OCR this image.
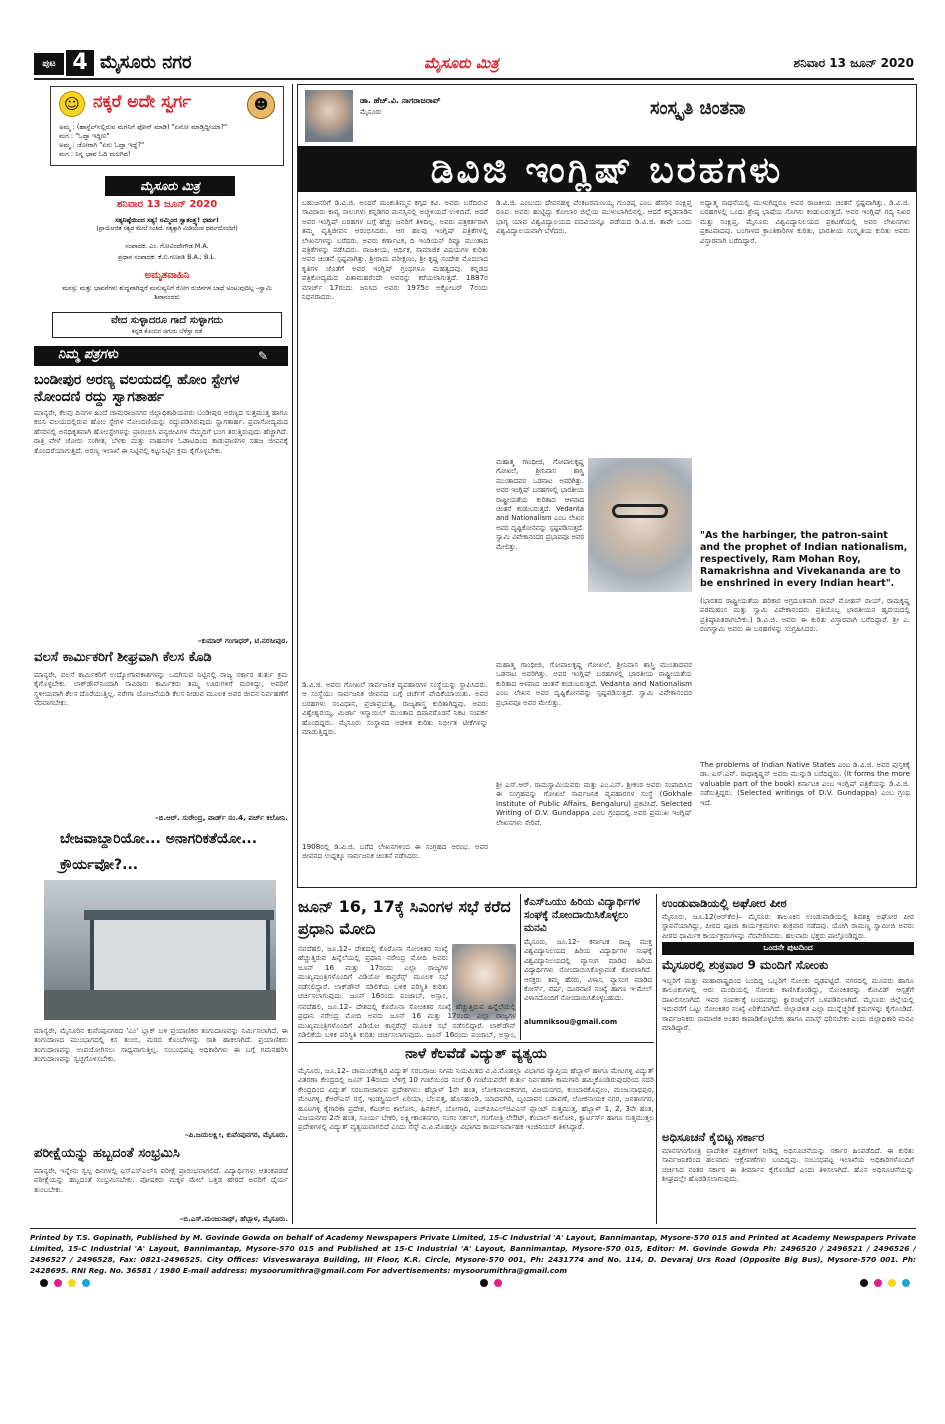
ಪುಟ 4 ಮೈಸೂರು ನಗರ	ಮೈಸೂರು ಮಿತ್ರ	ಶನಿವಾರ 13 ಜೂನ್ 2020
☺ ನಕ್ಕರೆ ಅದೇ ಸ್ವರ್ಗ	☻
ಅಮ್ಮ : (ಹಾಸ್ಟೆಲ್‌ನಲ್ಲಿರುವ ಮಗನಿಗೆ ಫೋನ್ ಮಾಡಿ) "ಏನೋ ಮಾಡ್ತಿದ್ದೀಯಾ?"
ಮಗ : "ಓದ್ತಾ ಇದ್ದೀನಿ"
ಅಮ್ಮ : ಜೋರಾಗಿ "ಏನು ಓದ್ತಾ ಇದ್ದೆ?"
ಮಗ : ನಿನ್ನ ಭಾವ ಓದಿ ಮಲಗಿದ!
ಮೈಸೂರು ಮಿತ್ರ
ಶನಿವಾರ 13 ಜೂನ್ 2020
ಸತ್ಯನಿಷ್ಠೆಯಿಂದ ಸತ್ಯ! ನಮ್ಮಿಂದ ಸ್ವಾತಂತ್ರ್ಯ! ಧರ್ಮ!
(ಪ್ರಾಯೋಜಿತ ಸತ್ಯದ ಮೇಲೆ ನಿಂತಿದೆ. ಸತ್ಯಕ್ಕಾಗಿ ಮಿಡಿಯುವ ಧರ್ಮದೊಂದಿಗೆ)
ಸಂಪಾದಕ: ಎಂ. ಗೋವಿಂದೇಗೌಡ M.A.
ಪ್ರಧಾನ ಸಂಪಾದಕ: ಕೆ.ಬಿ.ಗಣಪತಿ B.A.; B.L.
ಅಮೃತವಾಹಿನಿ
ಮನಸ್ಸು ಮತ್ತು ಭಾವನೆಗಳು ಶುದ್ಧವಾಗಿದ್ದರೆ ಮನುಷ್ಯನಿಗೆ ರೋಗ ರುಜಿನಗಳ ಬಾಧೆ ಅಂಟುವುದಿಲ್ಲ –ಸ್ವಾಮಿ ಶಿವಾನಂದರು
ವೇದ ಸುಳ್ಳಾದರೂ ಗಾದೆ ಸುಳ್ಳಾಗದು
ಕನ್ನಡ ಕೊಂಬಿನ ಚಿಗುರು ಬೆಳೆಸ್ತಾ ನಡೆ
ನಿಮ್ಮ ಪತ್ರಗಳು	✎
ಬಂಡೀಪುರ ಅರಣ್ಯ ವಲಯದಲ್ಲಿ ಹೋಂ ಸ್ಟೇಗಳ ನೋಂದಣಿ ರದ್ದು ಸ್ವಾಗತಾರ್ಹ
ಮಾನ್ಯರೇ, ಕೆಲವು ದಿನಗಳ ಹಿಂದೆ ಚಾಮರಾಜನಗರ ಜಿಲ್ಲಾಧಿಕಾರಿಯವರು ಬಂಡೀಪುರ ಅರಣ್ಯದ ಸುತ್ತಮುತ್ತ ಹಾಗೂ ಕಬಿನಿ ವಲಯದಲ್ಲಿರುವ ಹೋಂ ಸ್ಟೇಗಳ ನೋಂದಣಿಯನ್ನು ರದ್ದುಪಡಿಸಿರುವುದು ಸ್ವಾಗತಾರ್ಹ. ಪ್ರವಾಸೋದ್ಯಮದ ಹೆಸರಿನಲ್ಲಿ ಅನಧಿಕೃತವಾಗಿ ಹೋಂಸ್ಟೇಗಳನ್ನು ಪ್ರಾರಂಭಿಸಿ ವನ್ಯಜೀವಿಗಳ ನೆಮ್ಮದಿಗೆ ಭಂಗ ತರುತ್ತಿರುವುದು ಹೆಚ್ಚಾಗಿದೆ. ರಾತ್ರಿ ವೇಳೆ ಜೋರು ಸಂಗೀತ, ಬೆಳಕು ಮತ್ತು ವಾಹನಗಳ ಓಡಾಟದಿಂದ ಕಾಡುಪ್ರಾಣಿಗಳ ಸಹಜ ಜೀವನಕ್ಕೆ ತೊಂದರೆಯಾಗುತ್ತಿದೆ. ಅರಣ್ಯ ಇಲಾಖೆ ಈ ನಿಟ್ಟಿನಲ್ಲಿ ಕಟ್ಟುನಿಟ್ಟಿನ ಕ್ರಮ ಕೈಗೊಳ್ಳಬೇಕು.
–ಕುಮಾರ್ ಗಂಗಾಧರ್, ಟಿ.ನರಸೀಪುರ.
ವಲಸೆ ಕಾರ್ಮಿಕರಿಗೆ ಶೀಘ್ರವಾಗಿ ಕೆಲಸ ಕೊಡಿ
ಮಾನ್ಯರೇ, ವಲಸೆ ಕಾರ್ಮಿಕರಿಗೆ ಉದ್ಯೋಗಾವಕಾಶಗಳನ್ನು ಒದಗಿಸುವ ನಿಟ್ಟಿನಲ್ಲಿ ರಾಜ್ಯ ಸರ್ಕಾರ ತುರ್ತು ಕ್ರಮ ಕೈಗೊಳ್ಳಬೇಕು. ಲಾಕ್‌ಡೌನ್‌ನಿಂದಾಗಿ ಸಾವಿರಾರು ಕಾರ್ಮಿಕರು ತಮ್ಮ ಊರುಗಳಿಗೆ ಮರಳಿದ್ದು, ಅವರಿಗೆ ಸ್ಥಳೀಯವಾಗಿ ಕೆಲಸ ದೊರೆಯುತ್ತಿಲ್ಲ. ನರೇಗಾ ಯೋಜನೆಯಡಿ ಕೆಲಸ ನೀಡುವ ಮೂಲಕ ಅವರ ಜೀವನ ನಿರ್ವಹಣೆಗೆ ನೆರವಾಗಬೇಕು.
–ಬಿ.ಆರ್. ಸುರೇಂದ್ರ, ವಾರ್ಡ್ ನಂ.4, ಪರ್ಚ್ ಕಲೋನಿ.
ಬೇಜವಾಬ್ದಾರಿಯೋ... ಅನಾಗರಿಕತೆಯೋ... ಕ್ರೌರ್ಯವೋ?...
ಮಾನ್ಯರೇ, ಮೈಸೂರಿನ ಕುವೆಂಪುನಗರದ 'ಎಂ' ಬ್ಲಾಕ್ ಬಳಿ ಪ್ರಯಾಣಿಕರ ತಂಗುದಾಣವನ್ನು ನಿರ್ಮಿಸಲಾಗಿದೆ. ಈ ತಂಗುದಾಣದ ಮುಂಭಾಗದಲ್ಲಿ ಕಸ ತುಂಬಿ, ಮರದ ಕೊಂಬೆಗಳನ್ನು ರಾಶಿ ಹಾಕಲಾಗಿದೆ. ಪ್ರಯಾಣಿಕರು ತಂಗುದಾಣವನ್ನು ಉಪಯೋಗಿಸಲು ಸಾಧ್ಯವಾಗುತ್ತಿಲ್ಲ. ಸಂಬಂಧಪಟ್ಟ ಅಧಿಕಾರಿಗಳು ಈ ಬಗ್ಗೆ ಗಮನಹರಿಸಿ ತಂಗುದಾಣವನ್ನು ಸ್ವಚ್ಛಗೊಳಿಸಬೇಕು.
–ಪಿ.ಜಯಲಕ್ಷ್ಮೀ, ಕುವೆಂಪುನಗರ, ಮೈಸೂರು.
ಪರೀಕ್ಷೆಯನ್ನು ಹಬ್ಬದಂತೆ ಸಂಭ್ರಮಿಸಿ
ಮಾನ್ಯರೇ, ಇನ್ನೇನು ಸ್ವಲ್ಪ ದಿನಗಳಲ್ಲಿ ಎಸ್‌ಎಸ್‌ಎಲ್‌ಸಿ ಪರೀಕ್ಷೆ ಪ್ರಾರಂಭವಾಗಲಿದೆ. ವಿದ್ಯಾರ್ಥಿಗಳು ಆತಂಕಪಡದೆ ಪರೀಕ್ಷೆಯನ್ನು ಹಬ್ಬದಂತೆ ಸಂಭ್ರಮಿಸಬೇಕು. ಪೋಷಕರು ಮಕ್ಕಳ ಮೇಲೆ ಒತ್ತಡ ಹೇರದೆ ಅವರಿಗೆ ಧೈರ್ಯ ತುಂಬಬೇಕು.
–ಬಿ.ಎಸ್.ಮಂಜುನಾಥ್, ಹೆಬ್ಬಾಳ, ಮೈಸೂರು.
ಡಾ. ಹೆಚ್.ವಿ. ನಾಗರಾಜರಾವ್
ಮೈಸೂರು	ಸಂಸ್ಕೃತಿ ಚಿಂತನಾ
ಡಿವಿಜಿ ಇಂಗ್ಲಿಷ್ ಬರಹಗಳು
ಬಹುಜನರಿಗೆ ಡಿ.ವಿ.ಜಿ. ಅಂದರೆ ಮಂಕುತಿಮ್ಮನ ಕಗ್ಗದ ಕವಿ. ಅವರು ಬರೆದಿರುವ ಸಾವಿರಾರು ಕಾವ್ಯ ಸಾಲುಗಳು ಕನ್ನಡಿಗರ ಮನಸ್ಸಿನಲ್ಲಿ ಅಚ್ಚಳಿಯದೆ ಉಳಿದಿವೆ. ಆದರೆ ಅವರ ಇಂಗ್ಲಿಷ್ ಬರಹಗಳ ಬಗ್ಗೆ ಹೆಚ್ಚು ಜನರಿಗೆ ತಿಳಿದಿಲ್ಲ. ಅವರು ಪತ್ರಕರ್ತರಾಗಿ ತಮ್ಮ ವೃತ್ತಿಜೀವನ ಆರಂಭಿಸಿದರು. ಆಗ ಹಲವು ಇಂಗ್ಲಿಷ್ ಪತ್ರಿಕೆಗಳಲ್ಲಿ ಲೇಖನಗಳನ್ನು ಬರೆದರು. ಅವರು ಕರ್ಣಾಟಕ, ದಿ ಇಂಡಿಯನ್ ರಿವ್ಯೂ ಮುಂತಾದ ಪತ್ರಿಕೆಗಳನ್ನು ನಡೆಸಿದರು. ರಾಜಕೀಯ, ಆರ್ಥಿಕ, ಸಾಮಾಜಿಕ ವಿಷಯಗಳ ಕುರಿತು ಅವರ ಚಿಂತನೆ ಸ್ಪಷ್ಟವಾಗಿತ್ತು. ಶ್ರೀರಾಮ ಪರೀಕ್ಷಣಂ, ಶ್ರೀ ಕೃಷ್ಣ ಸಂದೇಶ ಮೊದಲಾದ ಕೃತಿಗಳ ಜೊತೆಗೆ ಅವರ ಇಂಗ್ಲಿಷ್ ಗ್ರಂಥಗಳೂ ಮಹತ್ವದವು. ಕನ್ನಡದ ಪತ್ರಿಕೋದ್ಯಮದ ಪಿತಾಮಹರೆಂದೇ ಅವರನ್ನು ಕರೆಯಲಾಗುತ್ತದೆ. 1887ರ ಮಾರ್ಚ್ 17ರಂದು ಜನಿಸಿದ ಅವರು 1975ರ ಅಕ್ಟೋಬರ್ 7ರಂದು ನಿಧನರಾದರು.
ಡಿ.ವಿ.ಜಿ. ಅವರು ಗೋಖಲೆ ಸಾರ್ವಜನಿಕ ವ್ಯವಹಾರಗಳ ಸಂಸ್ಥೆಯನ್ನು ಸ್ಥಾಪಿಸಿದರು. ಆ ಸಂಸ್ಥೆಯು ಸಾರ್ವಜನಿಕ ಜೀವನದ ಬಗ್ಗೆ ಚರ್ಚೆಗೆ ವೇದಿಕೆಯಾಯಿತು. ಅವರ ಬರಹಗಳು ಸಂವಿಧಾನ, ಪ್ರಜಾಪ್ರಭುತ್ವ, ರಾಜ್ಯಶಾಸ್ತ್ರ ಕುರಿತಾಗಿದ್ದವು. ಅವರು ವಿಶ್ವೇಶ್ವರಯ್ಯ, ಮಿರ್ಜಾ ಇಸ್ಮಾಯಿಲ್ ಮುಂತಾದ ದಿವಾನರೊಡನೆ ನಿಕಟ ಸಂಪರ್ಕ ಹೊಂದಿದ್ದರು. ಮೈಸೂರು ಸಂಸ್ಥಾನದ ಆಡಳಿತ ಕುರಿತು ನಿರ್ಭೀತ ಟೀಕೆಗಳನ್ನು ಮಾಡುತ್ತಿದ್ದರು.
1908ರಲ್ಲಿ ಡಿ.ವಿ.ಜಿ. ಬರೆದ ಲೇಖನಗಳಿಂದ ಈ ಸಂಗ್ರಹದ ಆರಂಭ. ಅವರ ಜೀವನದ ಉದ್ದಕ್ಕೂ ಸಾರ್ವಜನಿಕ ಚಿಂತನೆ ನಡೆಸಿದರು.
ಡಿ.ವಿ.ಜಿ. ಎಂಬುದು ದೇವನಹಳ್ಳಿ ವೆಂಕಟರಮಣಯ್ಯ ಗುಂಡಪ್ಪ ಎಂಬ ಹೆಸರಿನ ಸಂಕ್ಷಿಪ್ತ ರೂಪ. ಅವರು ಹುಟ್ಟಿದ್ದು ಕೋಲಾರ ಜಿಲ್ಲೆಯ ಮುಳುಬಾಗಿಲಿನಲ್ಲಿ. ಆದರೆ ಕನ್ನಡನಾಡಿನ ಭಾಗ್ಯ ಯಾವ ವಿಶ್ವವಿದ್ಯಾಲಯದ ಪದವಿಯನ್ನೂ ಪಡೆಯದ ಡಿ.ವಿ.ಜಿ. ತಾವೇ ಒಂದು ವಿಶ್ವವಿದ್ಯಾಲಯವಾಗಿ ಬೆಳೆದರು.
ಮಹಾತ್ಮ ಗಾಂಧೀಜಿ, ಗೋಪಾಲಕೃಷ್ಣ ಗೋಖಲೆ, ಶ್ರೀನಿವಾಸ ಶಾಸ್ತ್ರಿ ಮುಂತಾದವರ ಒಡನಾಟ ಅವರಿಗಿತ್ತು. ಅವರ ಇಂಗ್ಲಿಷ್ ಬರಹಗಳಲ್ಲಿ ಭಾರತೀಯ ರಾಷ್ಟ್ರೀಯತೆಯ ಕುರಿತಾದ ಆಳವಾದ ಚಿಂತನೆ ಕಂಡುಬರುತ್ತದೆ. Vedanta and Nationalism ಎಂಬ ಲೇಖನ ಅವರ ದೃಷ್ಟಿಕೋನವನ್ನು ಸ್ಪಷ್ಟಪಡಿಸುತ್ತದೆ. ಸ್ವಾಮಿ ವಿವೇಕಾನಂದರ ಪ್ರಭಾವವೂ ಅವರ ಮೇಲಿತ್ತು.
ಮಹಾತ್ಮ ಗಾಂಧೀಜಿ, ಗೋಪಾಲಕೃಷ್ಣ ಗೋಖಲೆ, ಶ್ರೀನಿವಾಸ ಶಾಸ್ತ್ರಿ ಮುಂತಾದವರ ಒಡನಾಟ ಅವರಿಗಿತ್ತು. ಅವರ ಇಂಗ್ಲಿಷ್ ಬರಹಗಳಲ್ಲಿ ಭಾರತೀಯ ರಾಷ್ಟ್ರೀಯತೆಯ ಕುರಿತಾದ ಆಳವಾದ ಚಿಂತನೆ ಕಂಡುಬರುತ್ತದೆ. Vedanta and Nationalism ಎಂಬ ಲೇಖನ ಅವರ ದೃಷ್ಟಿಕೋನವನ್ನು ಸ್ಪಷ್ಟಪಡಿಸುತ್ತದೆ. ಸ್ವಾಮಿ ವಿವೇಕಾನಂದರ ಪ್ರಭಾವವೂ ಅವರ ಮೇಲಿತ್ತು.
ಶ್ರೀ ಎಸ್.ಆರ್. ರಾಮಸ್ವಾಮಿಯವರು ಮತ್ತು ಎಂ.ಎನ್. ಶ್ರೀಕಂಠ ಅವರು ಸಂಪಾದಿಸಿದ ಈ ಸಂಗ್ರಹವನ್ನು ಗೋಖಲೆ ಸಾರ್ವಜನಿಕ ವ್ಯವಹಾರಗಳ ಸಂಸ್ಥೆ (Gokhale Institute of Public Affairs, Bengaluru) ಪ್ರಕಟಿಸಿದೆ. Selected Writing of D.V. Gundappa ಎಂಬ ಗ್ರಂಥದಲ್ಲಿ ಅವರ ಪ್ರಮುಖ ಇಂಗ್ಲಿಷ್ ಲೇಖನಗಳು ಸೇರಿವೆ.
ಅಧ್ಯಾತ್ಮ ಸಾಧನೆಯಲ್ಲಿ ಮುಳುಗಿದ್ದರೂ ಅವರ ರಾಜಕೀಯ ಚಿಂತನೆ ಸ್ಪಷ್ಟವಾಗಿತ್ತು. ಡಿ.ವಿ.ಜಿ. ಬರಹಗಳಲ್ಲಿ ಒಂದು ಶ್ರೇಷ್ಠ ಭಾಷೆಯ ಸೊಗಸು ಕಂಡುಬರುತ್ತದೆ. ಅವರ ಇಂಗ್ಲಿಷ್ ಗದ್ಯ ನಿಖರ ಮತ್ತು ಸಂಕ್ಷಿಪ್ತ. ಮೈಸೂರು ವಿಶ್ವವಿದ್ಯಾನಿಲಯದ ಪ್ರಕಟಣೆಯಲ್ಲಿ ಅವರ ಲೇಖನಗಳು ಪ್ರಕಟವಾದವು. ಬಂಗಾಳದ ಕ್ರಾಂತಿಕಾರಿಗಳ ಕುರಿತು, ಭಾರತೀಯ ಸಂಸ್ಕೃತಿಯ ಕುರಿತು ಅವರು ವಿಸ್ತಾರವಾಗಿ ಬರೆದಿದ್ದಾರೆ.
"As the harbinger, the patron-saint and the prophet of Indian nationalism, respectively, Ram Mohan Roy, Ramakrishna and Vivekananda are to be enshrined in every Indian heart".
(ಭಾರತದ ರಾಷ್ಟ್ರೀಯತೆಯ ಹರಿಕಾರ ಅಗ್ರದೂತನಾಗಿ ರಾಮ್ ಮೋಹನ್ ರಾಯ್, ರಾಮಕೃಷ್ಣ ಪರಮಹಂಸ ಮತ್ತು ಸ್ವಾಮಿ ವಿವೇಕಾನಂದರು ಪ್ರತಿಯೊಬ್ಬ ಭಾರತೀಯನ ಹೃದಯದಲ್ಲಿ ಪ್ರತಿಷ್ಠಾಪಿತರಾಗಬೇಕು.) ಡಿ.ವಿ.ಜಿ. ಅವರು ಈ ಕುರಿತು ವಿಸ್ತಾರವಾಗಿ ಬರೆದಿದ್ದಾರೆ. ಶ್ರೀ ಎ. ರಂಗಸ್ವಾಮಿ ಅವರು ಈ ಬರಹಗಳನ್ನು ಸಂಗ್ರಹಿಸಿದರು.
The problems of Indian Native States ಎಂಬ ಡಿ.ವಿ.ಜಿ. ಅವರ ಪುಸ್ತಕಕ್ಕೆ ಡಾ. ಎಸ್.ಎನ್. ರಾಧಾಕೃಷ್ಣನ್ ಅವರು ಮುನ್ನುಡಿ ಬರೆದಿದ್ದರು. (It forms the more valuable part of the book) ಕರ್ನಾಟಕ ಎಂಬ ಇಂಗ್ಲಿಷ್ ಪತ್ರಿಕೆಯನ್ನು ಡಿ.ವಿ.ಜಿ. ನಡೆಸುತ್ತಿದ್ದರು. (Selected writings of D.V. Gundappa) ಎಂಬ ಗ್ರಂಥ ಇದೆ.
ಜೂನ್ 16, 17ಕ್ಕೆ ಸಿಎಂಗಳ ಸಭೆ ಕರೆದ ಪ್ರಧಾನಿ ಮೋದಿ
ನವದೆಹಲಿ, ಜೂ.12– ದೇಶದಲ್ಲಿ ಕೊರೊನಾ ಸೋಂಕಿತರ ಸಂಖ್ಯೆ ಹೆಚ್ಚುತ್ತಿರುವ ಹಿನ್ನೆಲೆಯಲ್ಲಿ ಪ್ರಧಾನಿ ನರೇಂದ್ರ ಮೋದಿ ಅವರು ಜೂನ್ 16 ಮತ್ತು 17ರಂದು ಎಲ್ಲಾ ರಾಜ್ಯಗಳ ಮುಖ್ಯಮಂತ್ರಿಗಳೊಂದಿಗೆ ವಿಡಿಯೋ ಕಾನ್ಫರೆನ್ಸ್ ಮೂಲಕ ಸಭೆ ನಡೆಸಲಿದ್ದಾರೆ. ಲಾಕ್‌ಡೌನ್ ಸಡಿಲಿಕೆಯ ಬಳಿಕ ಪರಿಸ್ಥಿತಿ ಕುರಿತು ಚರ್ಚಿಸಲಾಗುವುದು. ಜೂನ್ 16ರಂದು ಪಂಜಾಬ್, ಅಸ್ಸಾಂ,
ನವದೆಹಲಿ, ಜೂ.12– ದೇಶದಲ್ಲಿ ಕೊರೊನಾ ಸೋಂಕಿತರ ಸಂಖ್ಯೆ ಹೆಚ್ಚುತ್ತಿರುವ ಹಿನ್ನೆಲೆಯಲ್ಲಿ ಪ್ರಧಾನಿ ನರೇಂದ್ರ ಮೋದಿ ಅವರು ಜೂನ್ 16 ಮತ್ತು 17ರಂದು ಎಲ್ಲಾ ರಾಜ್ಯಗಳ ಮುಖ್ಯಮಂತ್ರಿಗಳೊಂದಿಗೆ ವಿಡಿಯೋ ಕಾನ್ಫರೆನ್ಸ್ ಮೂಲಕ ಸಭೆ ನಡೆಸಲಿದ್ದಾರೆ. ಲಾಕ್‌ಡೌನ್ ಸಡಿಲಿಕೆಯ ಬಳಿಕ ಪರಿಸ್ಥಿತಿ ಕುರಿತು ಚರ್ಚಿಸಲಾಗುವುದು. ಜೂನ್ 16ರಂದು ಪಂಜಾಬ್, ಅಸ್ಸಾಂ,
ಕೆಎಸ್‌ಒಯು ಹಿರಿಯ ವಿದ್ಯಾರ್ಥಿಗಳ ಸಂಘಕ್ಕೆ ನೋಂದಾಯಿಸಿಕೊಳ್ಳಲು ಮನವಿ
ಮೈಸೂರು, ಜೂ.12– ಕರ್ನಾಟಕ ರಾಜ್ಯ ಮುಕ್ತ ವಿಶ್ವವಿದ್ಯಾನಿಲಯದ ಹಿರಿಯ ವಿದ್ಯಾರ್ಥಿಗಳ ಸಂಘಕ್ಕೆ ವಿಶ್ವವಿದ್ಯಾನಿಲಯದಲ್ಲಿ ವ್ಯಾಸಂಗ ಮಾಡಿದ ಹಿರಿಯ ವಿದ್ಯಾರ್ಥಿಗಳು ನೋಂದಾಯಿಸಿಕೊಳ್ಳುವಂತೆ ಕೋರಲಾಗಿದೆ. ಆಸಕ್ತರು ತಮ್ಮ ಹೆಸರು, ವಿಳಾಸ, ವ್ಯಾಸಂಗ ಮಾಡಿದ ಕೋರ್ಸ್, ವರ್ಷ, ದೂರವಾಣಿ ಸಂಖ್ಯೆ ಹಾಗೂ ಇ-ಮೇಲ್ ವಿಳಾಸದೊಂದಿಗೆ ನೋಂದಾಯಿಸಿಕೊಳ್ಳಬಹುದು.
alumniksou@gmail.com
ಉಂಡುವಾಡಿಯಲ್ಲಿ ಅಘೋರ ಪೀಠ
ಮೈಸೂರು, ಜೂ.12(ಆರ್‌ಕೆಬಿ)– ಮೈಸೂರು ತಾಲೂಕಿನ ಉಂಡುವಾಡಿಯಲ್ಲಿ ಶಿವಶಕ್ತಿ ಅಘೋರ ಪೀಠ ಸ್ಥಾಪನೆಯಾಗಿದ್ದು, ಪೀಠದ ಪೂಜಾ ಕಾರ್ಯಕ್ರಮಗಳು ಶುಕ್ರವಾರ ನಡೆದವು. ಯೋಗಿ ರಾಮಣ್ಣ ಸ್ವಾಮೀಜಿ ಅವರು ಪೀಠದ ಧಾರ್ಮಿಕ ಕಾರ್ಯಕ್ರಮಗಳನ್ನು ನೆರವೇರಿಸಿದರು. ಹಲವಾರು ಭಕ್ತರು ಪಾಲ್ಗೊಂಡಿದ್ದರು.
ಒಂದನೇ ಪುಟದಿಂದ
ಮೈಸೂರಲ್ಲಿ ಶುಕ್ರವಾರ 9 ಮಂದಿಗೆ ಸೋಂಕು
ಇಬ್ಬರಿಗೆ ಮತ್ತು ಮಹಾರಾಷ್ಟ್ರದಿಂದ ಬಂದಿದ್ದ ಒಬ್ಬರಿಗೆ ಸೋಂಕು ದೃಢಪಟ್ಟಿದೆ. ನಗರದಲ್ಲಿ ಮೂವರು ಹಾಗೂ ತಾಲೂಕುಗಳಲ್ಲಿ ಆರು ಮಂದಿಯಲ್ಲಿ ಸೋಂಕು ಕಾಣಿಸಿಕೊಂಡಿದ್ದು, ಸೋಂಕಿತರನ್ನು ಕೋವಿಡ್ ಆಸ್ಪತ್ರೆಗೆ ದಾಖಲಿಸಲಾಗಿದೆ. ಇವರ ಸಂಪರ್ಕಕ್ಕೆ ಬಂದವರನ್ನು ಕ್ವಾರಂಟೈನ್‌ಗೆ ಒಳಪಡಿಸಲಾಗಿದೆ. ಮೈಸೂರು ಜಿಲ್ಲೆಯಲ್ಲಿ ಇದುವರೆಗೆ ಒಟ್ಟು ಸೋಂಕಿತರ ಸಂಖ್ಯೆ ಏರಿಕೆಯಾಗಿದೆ. ಜಿಲ್ಲಾಡಳಿತ ಎಲ್ಲಾ ಮುನ್ನೆಚ್ಚರಿಕೆ ಕ್ರಮಗಳನ್ನು ಕೈಗೊಂಡಿದೆ. ಸಾರ್ವಜನಿಕರು ಸಾಮಾಜಿಕ ಅಂತರ ಕಾಪಾಡಿಕೊಳ್ಳಬೇಕು ಹಾಗೂ ಮಾಸ್ಕ್ ಧರಿಸಬೇಕು ಎಂದು ಜಿಲ್ಲಾಧಿಕಾರಿ ಮನವಿ ಮಾಡಿದ್ದಾರೆ.
ಅಧಿಸೂಚನೆ ಕೈಬಿಟ್ಟ ಸರ್ಕಾರ
ಮಾನಸಗಂಗೋತ್ರಿ ಪ್ರಾದೇಶಿಕ ಪತ್ರಿಕೆಗಳಿಗೆ ನೀಡಿದ್ದ ಅಧಿಸೂಚನೆಯನ್ನು ಸರ್ಕಾರ ಹಿಂಪಡೆದಿದೆ. ಈ ಕುರಿತು ಸಾರ್ವಜನಿಕರಿಂದ ಹಲವಾರು ಆಕ್ಷೇಪಣೆಗಳು ಬಂದಿದ್ದವು. ಸಂಬಂಧಪಟ್ಟ ಇಲಾಖೆಯ ಅಧಿಕಾರಿಗಳೊಂದಿಗೆ ಚರ್ಚಿಸಿದ ನಂತರ ಸರ್ಕಾರ ಈ ತೀರ್ಮಾನ ಕೈಗೊಂಡಿದೆ ಎಂದು ತಿಳಿಸಲಾಗಿದೆ. ಹೊಸ ಅಧಿಸೂಚನೆಯನ್ನು ಶೀಘ್ರದಲ್ಲೇ ಹೊರಡಿಸಲಾಗುವುದು.
ನಾಳೆ ಕೆಲವೆಡೆ ವಿದ್ಯುತ್ ವ್ಯತ್ಯಯ
ಮೈಸೂರು, ಜೂ.12– ಚಾಮುಂಡೇಶ್ವರಿ ವಿದ್ಯುತ್ ಸರಬರಾಜು ನಿಗಮ ನಿಯಮಿತದ ವಿ.ವಿ.ಮೊಹಲ್ಲಾ ವಿಭಾಗದ ವ್ಯಾಪ್ತಿಯ ಹೆಬ್ಬಾಳ್ ಹಾಗೂ ಮೇಟಗಳ್ಳಿ ವಿದ್ಯುತ್ ವಿತರಣಾ ಕೇಂದ್ರದಲ್ಲಿ ಜೂನ್ 14ರಂದು ಬೆಳಿಗ್ಗೆ 10 ಗಂಟೆಯಿಂದ ಸಂಜೆ 6 ಗಂಟೆಯವರೆಗೆ ತುರ್ತು ನಿರ್ವಹಣಾ ಕಾಮಗಾರಿ ಹಮ್ಮಿಕೊಂಡಿರುವುದರಿಂದ ಸದರಿ ಕೇಂದ್ರದಿಂದ ವಿದ್ಯುತ್ ಸರಬರಾಜಾಗುವ ಪ್ರದೇಶಗಳು: ಹೆಬ್ಬಾಳ್ 1ನೇ ಹಂತ, ಲೋಕನಾಯಕನಗರ, ವಿಜಯನಗರ, ಕುಂಬಾರಕೊಪ್ಪಲು, ಮಂಜುನಾಥಪುರ, ಮೇಟಗಳ್ಳಿ, ಕೆಆರ್‌ಎಸ್ ರಸ್ತೆ, ಇಂಡಸ್ಟ್ರಿಯಲ್ ಏರಿಯಾ, ಬೆಲವತ್ತ, ಹೊಸಹುಂಡಿ, ಯಾದವಗಿರಿ, ಬೃಂದಾವನ ಬಡಾವಣೆ, ಲೋಕನಾಯಕ ನಗರ, ಜನತಾನಗರ, ಹೂಟಗಳ್ಳಿ ಕೈಗಾರಿಕಾ ಪ್ರದೇಶ, ಕೆಎಚ್‌ಬಿ ಕಾಲೋನಿ, ಹಿನಕಲ್, ಬೋಗಾದಿ, ಎಚ್‌ಪಿಸಿಎಲ್‌ಜಿಎಎಸ್ ಪ್ಲಾಂಟ್ ಸುತ್ತಮುತ್ತ, ಹೆಬ್ಬಾಳ್ 1, 2, 3ನೇ ಹಂತ, ವಿಜಯನಗರ 2ನೇ ಹಂತ, ಸೂರ್ಯ ಬೇಕರಿ, ಲಕ್ಷ್ಮೀಕಾಂತನಗರ, ಸಂಗಂ ಸರ್ಕಲ್, ಗಂಗೋತ್ರಿ ಲೇಔಟ್, ಕೆಂಬಾಲ್ ಕಾಲೋನಿ, ಕ್ವಾರ್ಟರ್ಸ್ ಹಾಗೂ ಸುತ್ತಮುತ್ತಲ ಪ್ರದೇಶಗಳಲ್ಲಿ ವಿದ್ಯುತ್ ವ್ಯತ್ಯಯವಾಗಲಿದೆ ಎಂದು ಸೆಸ್ಕ್ ವಿ.ವಿ.ಮೊಹಲ್ಲಾ ವಿಭಾಗದ ಕಾರ್ಯನಿರ್ವಾಹಕ ಇಂಜಿನಿಯರ್ ತಿಳಿಸಿದ್ದಾರೆ.
Printed by T.S. Gopinath, Published by M. Govinde Gowda on behalf of Academy Newspapers Private Limited, 15-C Industrial 'A' Layout, Bannimantap, Mysore-570 015 and Printed at Academy Newspapers Private Limited, 15-C Industrial 'A' Layout, Bannimantap, Mysore-570 015 and Published at 15-C Industrial 'A' Layout, Bannimantap, Mysore-570 015, Editor: M. Govinde Gowda Ph: 2496520 / 2496521 / 2496526 / 2496527 / 2496528, Fax: 0821-2496525. City Offices: Visveswaraya Building, III Floor, K.R. Circle, Mysore-570 001, Ph: 2431774 and No. 114, D. Devaraj Urs Road (Opposite Big Bus), Mysore-570 001. Ph: 2428695. RNI Reg. No. 36581 / 1980 E-mail address: mysoorumithra@gmail.com For advertisements: mysoorumithra@gmail.com
